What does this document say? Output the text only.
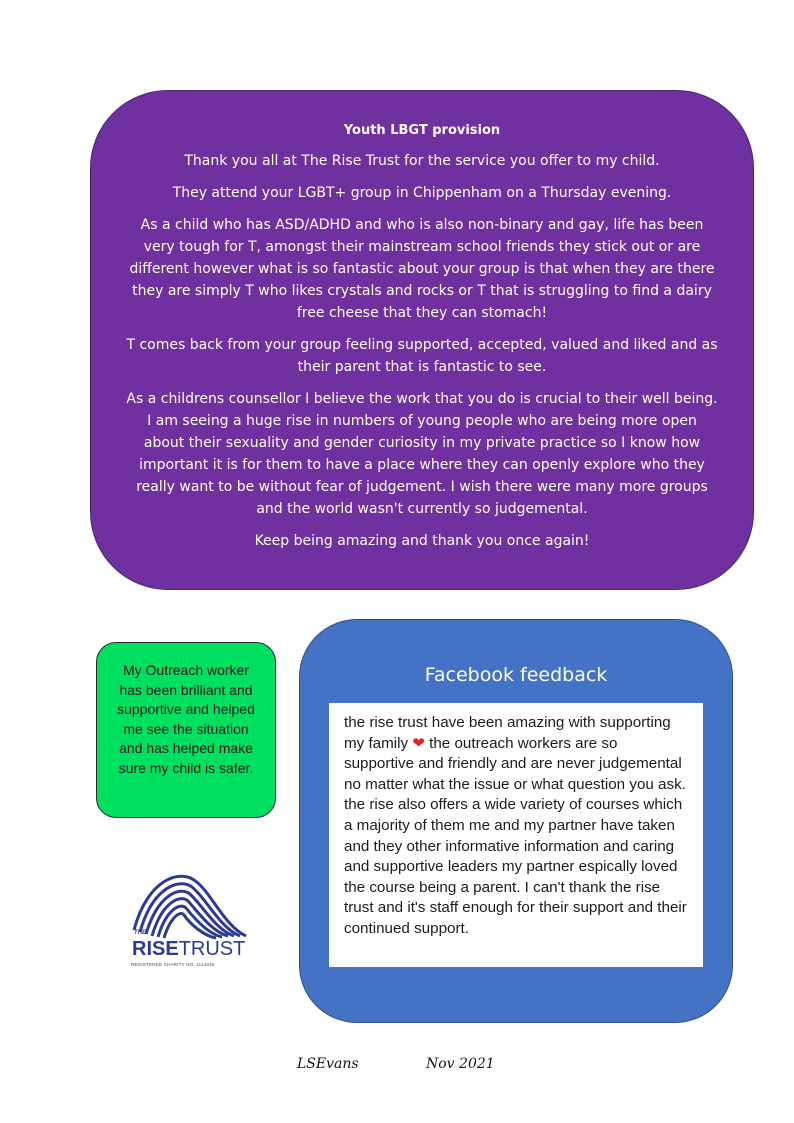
Youth LBGT provision

Thank you all at The Rise Trust for the service you offer to my child.

They attend your LGBT+ group in Chippenham on a Thursday evening.

As a child who has ASD/ADHD and who is also non-binary and gay, life has been very tough for T, amongst their mainstream school friends they stick out or are different however what is so fantastic about your group is that when they are there they are simply T who likes crystals and rocks or T that is struggling to find a dairy free cheese that they can stomach!

T comes back from your group feeling supported, accepted, valued and liked and as their parent that is fantastic to see.

As a childrens counsellor I believe the work that you do is crucial to their well being. I am seeing a huge rise in numbers of young people who are being more open about their sexuality and gender curiosity in my private practice so I know how important it is for them to have a place where they can openly explore who they really want to be without fear of judgement. I wish there were many more groups and the world wasn't currently so judgemental.

Keep being amazing and thank you once again!

My Outreach worker has been brilliant and supportive and helped me see the situation and has helped make sure my child is safer.
Facebook feedback
the rise trust have been amazing with supporting my family ❤ the outreach workers are so supportive and friendly and are never judgemental no matter what the issue or what question you ask. the rise also offers a wide variety of courses which a majority of them me and my partner have taken and they other informative information and caring and supportive leaders my partner espically loved the course being a parent. I can't thank the rise trust and it's staff enough for their support and their continued support.
THE
RISETRUST
REGISTERED CHARITY NO. 1114446
LSEvans	Nov 2021
